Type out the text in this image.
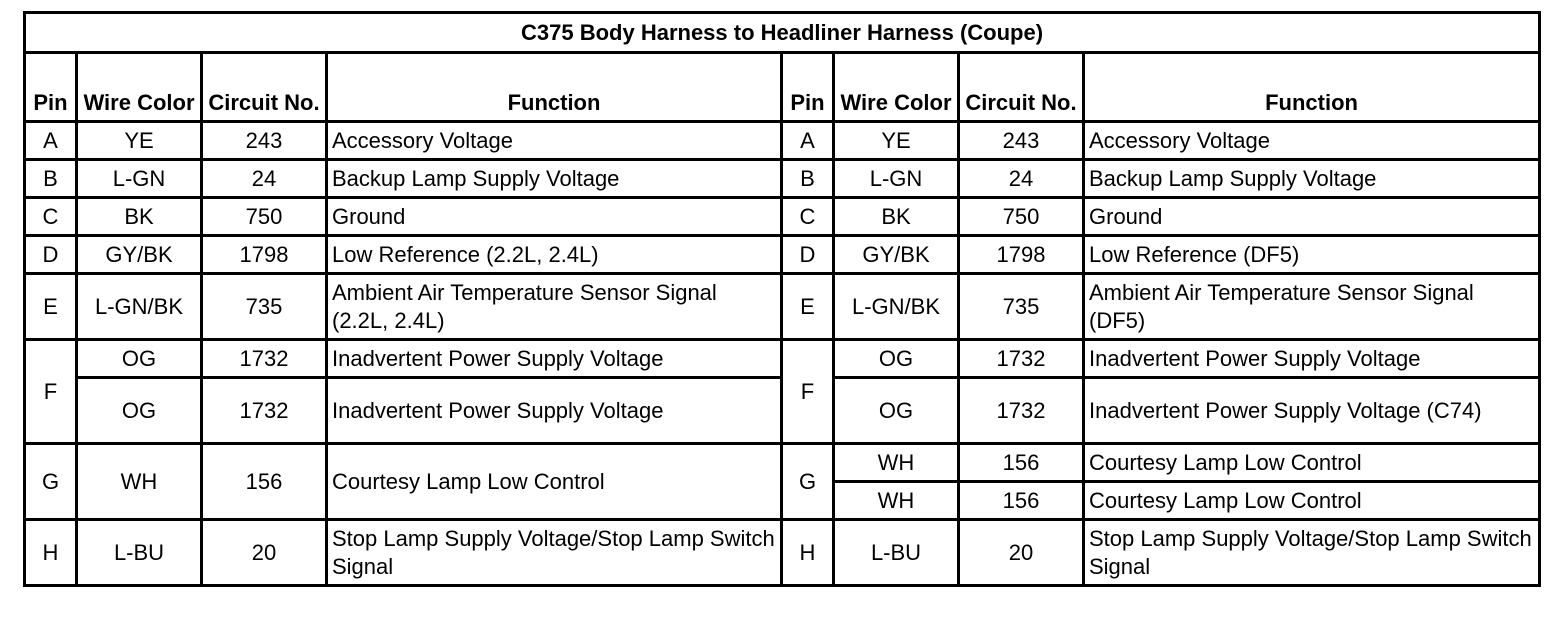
C375 Body Harness to Headliner Harness (Coupe)							
Pin	Wire Color	Circuit No.	Function	Pin	Wire Color	Circuit No.	Function
A	YE	243	Accessory Voltage	A	YE	243	Accessory Voltage
B	L-GN	24	Backup Lamp Supply Voltage	B	L-GN	24	Backup Lamp Supply Voltage
C	BK	750	Ground	C	BK	750	Ground
D	GY/BK	1798	Low Reference (2.2L, 2.4L)	D	GY/BK	1798	Low Reference (DF5)
E	L-GN/BK	735	Ambient Air Temperature Sensor Signal (2.2L, 2.4L)	E	L-GN/BK	735	Ambient Air Temperature Sensor Signal (DF5)
F	OG	1732	Inadvertent Power Supply Voltage	F	OG	1732	Inadvertent Power Supply Voltage
	OG	1732	Inadvertent Power Supply Voltage		OG	1732	Inadvertent Power Supply Voltage (C74)
G	WH	156	Courtesy Lamp Low Control	G	WH	156	Courtesy Lamp Low Control
					WH	156	Courtesy Lamp Low Control
H	L-BU	20	Stop Lamp Supply Voltage/Stop Lamp Switch Signal	H	L-BU	20	Stop Lamp Supply Voltage/Stop Lamp Switch Signal
